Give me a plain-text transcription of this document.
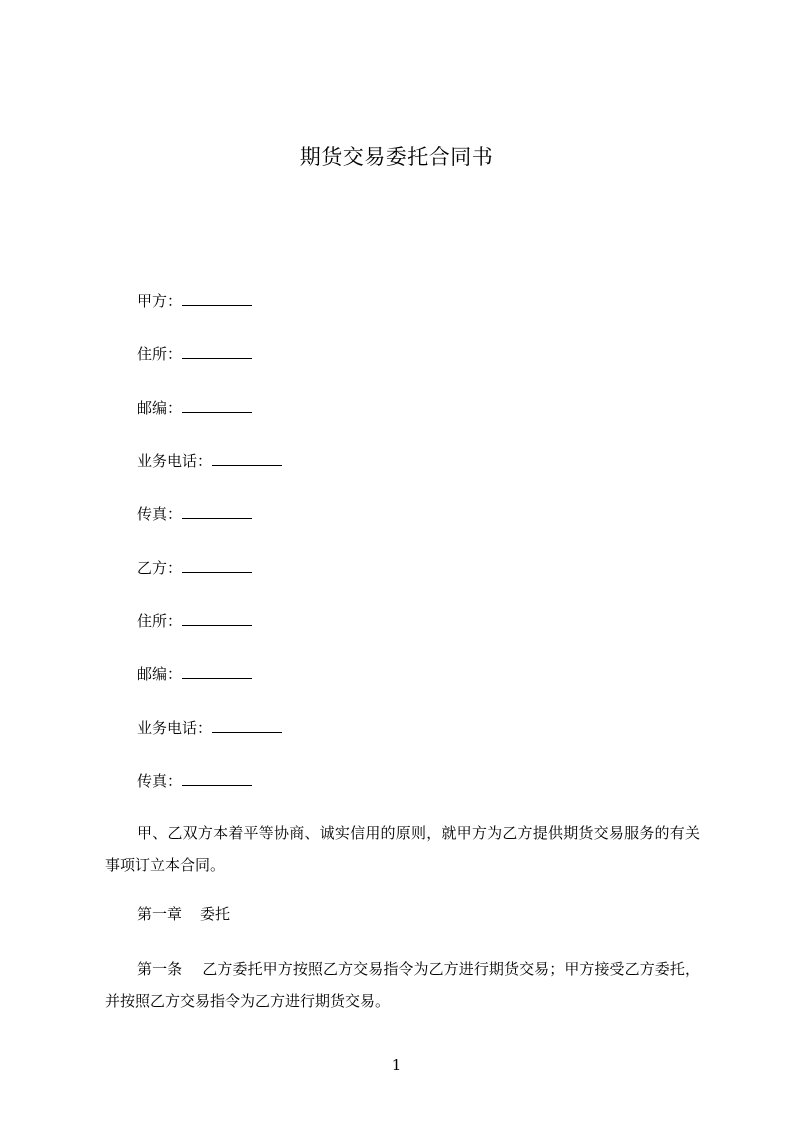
期货交易委托合同书
甲方：
住所：
邮编：
业务电话：
传真：
乙方：
住所：
邮编：
业务电话：
传真：

甲、乙双方本着平等协商、诚实信用的原则，就甲方为乙方提供期货交易服务的有关事项订立本合同。

第一章 委托

第一条 乙方委托甲方按照乙方交易指令为乙方进行期货交易；甲方接受乙方委托，并按照乙方交易指令为乙方进行期货交易。

1
